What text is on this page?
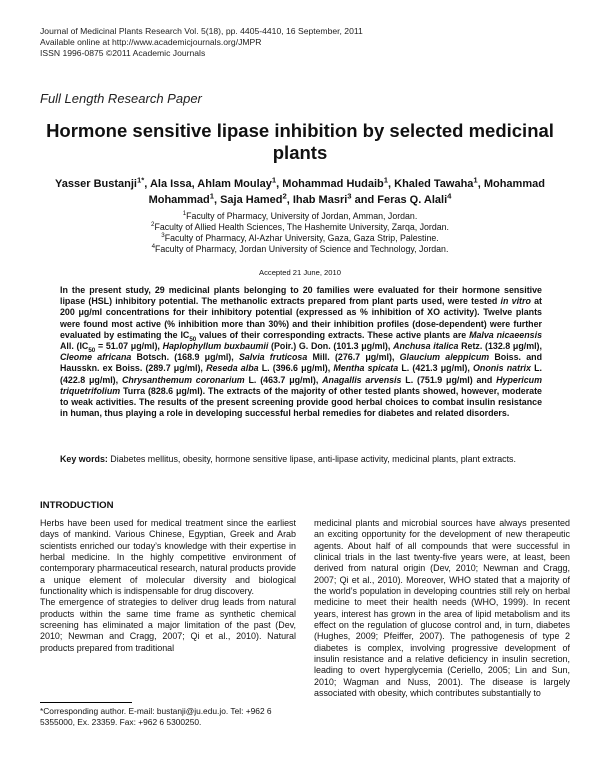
Journal of Medicinal Plants Research Vol. 5(18), pp. 4405-4410, 16 September, 2011
Available online at http://www.academicjournals.org/JMPR
ISSN 1996-0875 ©2011 Academic Journals
Full Length Research Paper
Hormone sensitive lipase inhibition by selected medicinal plants
Yasser Bustanji$^{1*}$, Ala Issa, Ahlam Moulay$^1$, Mohammad Hudaib$^1$, Khaled Tawaha$^1$, Mohammad Mohammad$^1$, Saja Hamed$^2$, Ihab Masri$^3$ and Feras Q. Alali$^4$
$^1$Faculty of Pharmacy, University of Jordan, Amman, Jordan.
$^2$Faculty of Allied Health Sciences, The Hashemite University, Zarqa, Jordan.
$^3$Faculty of Pharmacy, Al-Azhar University, Gaza, Gaza Strip, Palestine.
$^4$Faculty of Pharmacy, Jordan University of Science and Technology, Jordan.
Accepted 21 June, 2010
In the present study, 29 medicinal plants belonging to 20 families were evaluated for their hormone sensitive lipase (HSL) inhibitory potential. The methanolic extracts prepared from plant parts used, were tested in vitro at 200 μg/ml concentrations for their inhibitory potential (expressed as % inhibition of XO activity). Twelve plants were found most active (% inhibition more than 30%) and their inhibition profiles (dose-dependent) were further evaluated by estimating the $IC_{50}$ values of their corresponding extracts. These active plants are Malva nicaeensis All. ($IC_{50} = 51.07$ μg/ml), Haplophyllum buxbaumii (Poir.) G. Don. (101.3 μg/ml), Anchusa italica Retz. (132.8 μg/ml), Cleome africana Botsch. (168.9 μg/ml), Salvia fruticosa Mill. (276.7 μg/ml), Glaucium aleppicum Boiss. and Hausskn. ex Boiss. (289.7 μg/ml), Reseda alba L. (396.6 μg/ml), Mentha spicata L. (421.3 μg/ml), Ononis natrix L. (422.8 μg/ml), Chrysanthemum coronarium L. (463.7 μg/ml), Anagallis arvensis L. (751.9 μg/ml) and Hypericum triquetrifolium Turra (828.6 μg/ml). The extracts of the majority of other tested plants showed, however, moderate to weak activities. The results of the present screening provide good herbal choices to combat insulin resistance in human, thus playing a role in developing successful herbal remedies for diabetes and related disorders.
Key words: Diabetes mellitus, obesity, hormone sensitive lipase, anti-lipase activity, medicinal plants, plant extracts.
INTRODUCTION

Herbs have been used for medical treatment since the earliest days of mankind. Various Chinese, Egyptian, Greek and Arab scientists enriched our today’s knowledge with their expertise in herbal medicine. In the highly competitive environment of contemporary pharmaceutical research, natural products provide a unique element of molecular diversity and biological functionality which is indispensable for drug discovery.

The emergence of strategies to deliver drug leads from natural products within the same time frame as synthetic chemical screening has eliminated a major limitation of the past (Dev, 2010; Newman and Cragg, 2007; Qi et al., 2010). Natural products prepared from traditional

medicinal plants and microbial sources have always presented an exciting opportunity for the development of new therapeutic agents. About half of all compounds that were successful in clinical trials in the last twenty-five years were, at least, been derived from natural origin (Dev, 2010; Newman and Cragg, 2007; Qi et al., 2010). Moreover, WHO stated that a majority of the world’s population in developing countries still rely on herbal medicine to meet their health needs (WHO, 1999). In recent years, interest has grown in the area of lipid metabolism and its effect on the regulation of glucose control and, in turn, diabetes (Hughes, 2009; Pfeiffer, 2007). The pathogenesis of type 2 diabetes is complex, involving progressive development of insulin resistance and a relative deficiency in insulin secretion, leading to overt hyperglycemia (Ceriello, 2005; Lin and Sun, 2010; Wagman and Nuss, 2001). The disease is largely associated with obesity, which contributes substantially to

*Corresponding author. E-mail: bustanji@ju.edu.jo. Tel: +962 6 5355000, Ex. 23359. Fax: +962 6 5300250.
